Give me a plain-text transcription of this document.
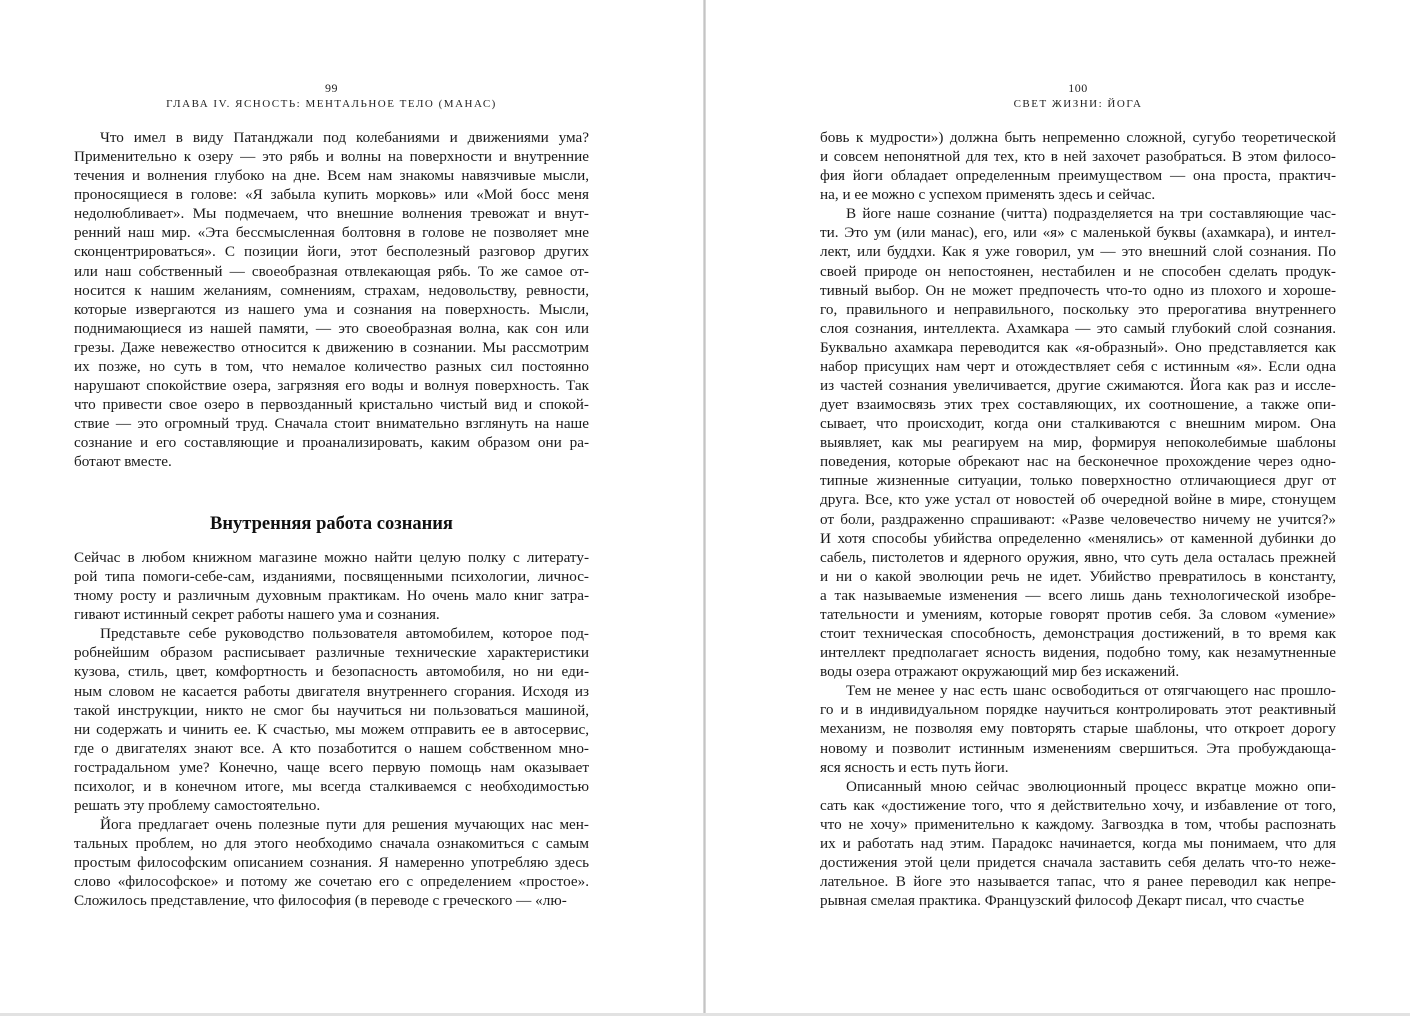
99
ГЛАВА IV. ЯСНОСТЬ: МЕНТАЛЬНОЕ ТЕЛО (МАНАС)
Что имел в виду Патанджали под колебаниями и движениями ума?
Применительно к озеру — это рябь и волны на поверхности и внутренние
течения и волнения глубоко на дне. Всем нам знакомы навязчивые мысли,
проносящиеся в голове: «Я забыла купить морковь» или «Мой босс меня
недолюбливает». Мы подмечаем, что внешние волнения тревожат и внут-
ренний наш мир. «Эта бессмысленная болтовня в голове не позволяет мне
сконцентрироваться». С позиции йоги, этот бесполезный разговор других
или наш собственный — своеобразная отвлекающая рябь. То же самое от-
носится к нашим желаниям, сомнениям, страхам, недовольству, ревности,
которые извергаются из нашего ума и сознания на поверхность. Мысли,
поднимающиеся из нашей памяти, — это своеобразная волна, как сон или
грезы. Даже невежество относится к движению в сознании. Мы рассмотрим
их позже, но суть в том, что немалое количество разных сил постоянно
нарушают спокойствие озера, загрязняя его воды и волнуя поверхность. Так
что привести свое озеро в первозданный кристально чистый вид и спокой-
ствие — это огромный труд. Сначала стоит внимательно взглянуть на наше
сознание и его составляющие и проанализировать, каким образом они ра-
ботают вместе.
Внутренняя работа сознания
Сейчас в любом книжном магазине можно найти целую полку с литерату-
рой типа помоги-себе-сам, изданиями, посвященными психологии, личнос-
тному росту и различным духовным практикам. Но очень мало книг затра-
гивают истинный секрет работы нашего ума и сознания.
Представьте себе руководство пользователя автомобилем, которое под-
робнейшим образом расписывает различные технические характеристики
кузова, стиль, цвет, комфортность и безопасность автомобиля, но ни еди-
ным словом не касается работы двигателя внутреннего сгорания. Исходя из
такой инструкции, никто не смог бы научиться ни пользоваться машиной,
ни содержать и чинить ее. К счастью, мы можем отправить ее в автосервис,
где о двигателях знают все. А кто позаботится о нашем собственном мно-
гострадальном уме? Конечно, чаще всего первую помощь нам оказывает
психолог, и в конечном итоге, мы всегда сталкиваемся с необходимостью
решать эту проблему самостоятельно.
Йога предлагает очень полезные пути для решения мучающих нас мен-
тальных проблем, но для этого необходимо сначала ознакомиться с самым
простым философским описанием сознания. Я намеренно употребляю здесь
слово «философское» и потому же сочетаю его с определением «простое».
Сложилось представление, что философия (в переводе с греческого — «лю-
100
СВЕТ ЖИЗНИ: ЙОГА
бовь к мудрости») должна быть непременно сложной, сугубо теоретической
и совсем непонятной для тех, кто в ней захочет разобраться. В этом филосо-
фия йоги обладает определенным преимуществом — она проста, практич-
на, и ее можно с успехом применять здесь и сейчас.
В йоге наше сознание (читта) подразделяется на три составляющие час-
ти. Это ум (или манас), его, или «я» с маленькой буквы (ахамкара), и интел-
лект, или буддхи. Как я уже говорил, ум — это внешний слой сознания. По
своей природе он непостоянен, нестабилен и не способен сделать продук-
тивный выбор. Он не может предпочесть что-то одно из плохого и хороше-
го, правильного и неправильного, поскольку это прерогатива внутреннего
слоя сознания, интеллекта. Ахамкара — это самый глубокий слой сознания.
Буквально ахамкара переводится как «я-образный». Оно представляется как
набор присущих нам черт и отождествляет себя с истинным «я». Если одна
из частей сознания увеличивается, другие сжимаются. Йога как раз и иссле-
дует взаимосвязь этих трех составляющих, их соотношение, а также опи-
сывает, что происходит, когда они сталкиваются с внешним миром. Она
выявляет, как мы реагируем на мир, формируя непоколебимые шаблоны
поведения, которые обрекают нас на бесконечное прохождение через одно-
типные жизненные ситуации, только поверхностно отличающиеся друг от
друга. Все, кто уже устал от новостей об очередной войне в мире, стонущем
от боли, раздраженно спрашивают: «Разве человечество ничему не учится?»
И хотя способы убийства определенно «менялись» от каменной дубинки до
сабель, пистолетов и ядерного оружия, явно, что суть дела осталась прежней
и ни о какой эволюции речь не идет. Убийство превратилось в константу,
а так называемые изменения — всего лишь дань технологической изобре-
тательности и умениям, которые говорят против себя. За словом «умение»
стоит техническая способность, демонстрация достижений, в то время как
интеллект предполагает ясность видения, подобно тому, как незамутненные
воды озера отражают окружающий мир без искажений.
Тем не менее у нас есть шанс освободиться от отягчающего нас прошло-
го и в индивидуальном порядке научиться контролировать этот реактивный
механизм, не позволяя ему повторять старые шаблоны, что откроет дорогу
новому и позволит истинным изменениям свершиться. Эта пробуждающа-
яся ясность и есть путь йоги.
Описанный мною сейчас эволюционный процесс вкратце можно опи-
сать как «достижение того, что я действительно хочу, и избавление от того,
что не хочу» применительно к каждому. Загвоздка в том, чтобы распознать
их и работать над этим. Парадокс начинается, когда мы понимаем, что для
достижения этой цели придется сначала заставить себя делать что-то неже-
лательное. В йоге это называется тапас, что я ранее переводил как непре-
рывная смелая практика. Французский философ Декарт писал, что счастье
